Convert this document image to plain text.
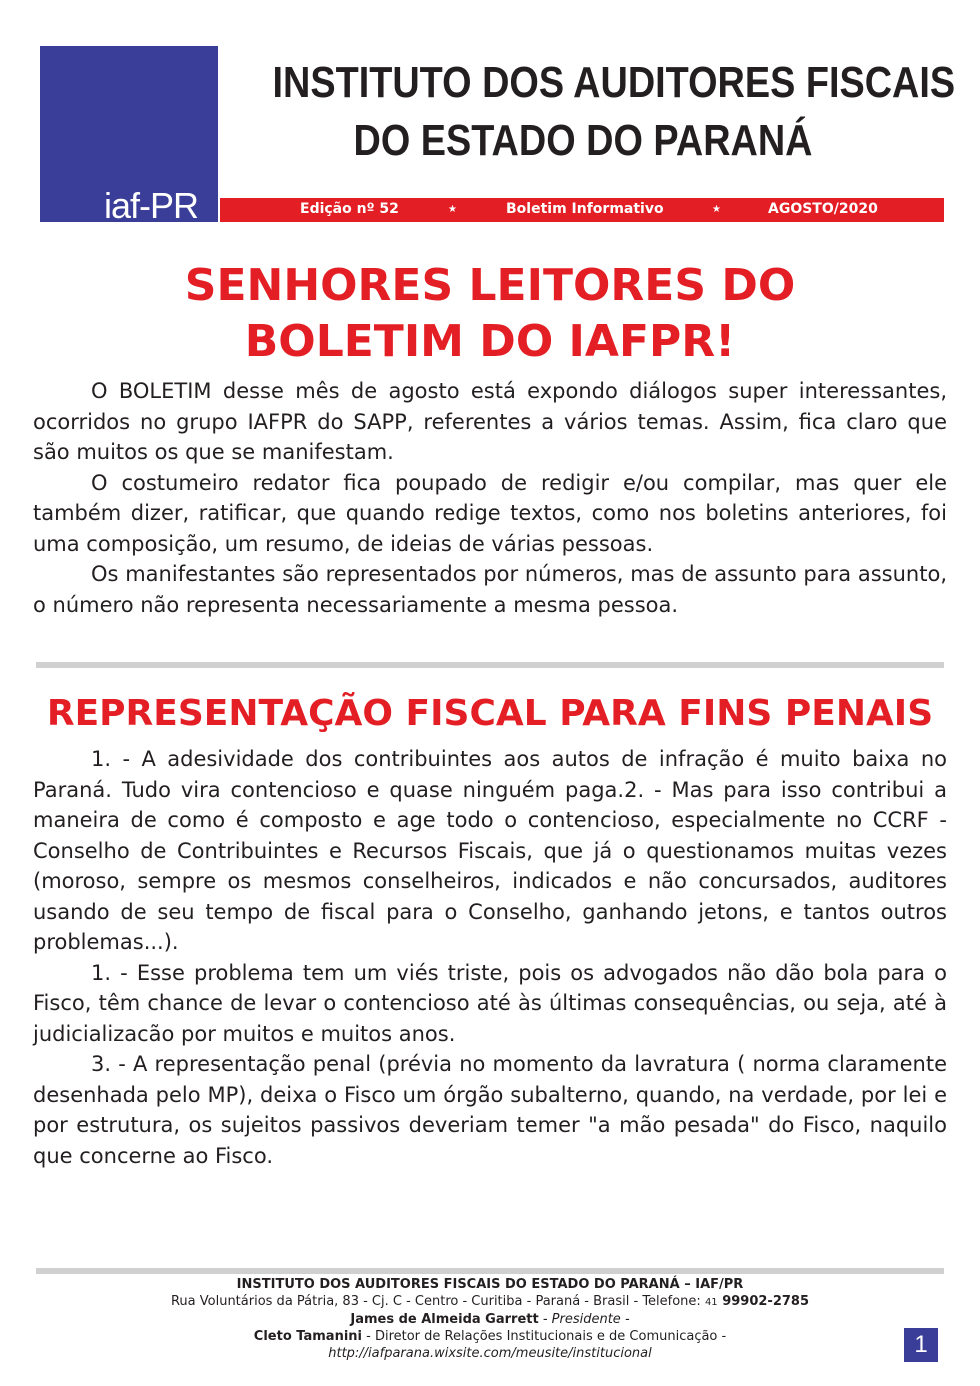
iaf-PR
INSTITUTO DOS AUDITORES FISCAIS
DO ESTADO DO PARANÁ
Edição nº 52	★	Boletim Informativo	★	AGOSTO/2020
SENHORES LEITORES DO
BOLETIM DO IAFPR!

O BOLETIM desse mês de agosto está expondo diálogos super interessantes, ocorridos no grupo IAFPR do SAPP, referentes a vários temas. Assim, fica claro que são muitos os que se manifestam.

O costumeiro redator fica poupado de redigir e/ou compilar, mas quer ele também dizer, ratificar, que quando redige textos, como nos boletins anteriores, foi uma composição, um resumo, de ideias de várias pessoas.

Os manifestantes são representados por números, mas de assunto para assunto, o número não representa necessariamente a mesma pessoa.

REPRESENTAÇÃO FISCAL PARA FINS PENAIS

1. - A adesividade dos contribuintes aos autos de infração é muito baixa no Paraná. Tudo vira contencioso e quase ninguém paga.2. - Mas para isso contribui a maneira de como é composto e age todo o contencioso, especialmente no CCRF - Conselho de Contribuintes e Recursos Fiscais, que já o questionamos muitas vezes (moroso, sempre os mesmos conselheiros, indicados e não concursados, auditores usando de seu tempo de fiscal para o Conselho, ganhando jetons, e tantos outros problemas...).

1. - Esse problema tem um viés triste, pois os advogados não dão bola para o Fisco, têm chance de levar o contencioso até às últimas consequências, ou seja, até à judicializacão por muitos e muitos anos.

3. - A representação penal (prévia no momento da lavratura ( norma claramente desenhada pelo MP), deixa o Fisco um órgão subalterno, quando, na verdade, por lei e por estrutura, os sujeitos passivos deveriam temer "a mão pesada" do Fisco, naquilo que concerne ao Fisco.

INSTITUTO DOS AUDITORES FISCAIS DO ESTADO DO PARANÁ – IAF/PR
Rua Voluntários da Pátria, 83 - Cj. C - Centro - Curitiba - Paraná - Brasil - Telefone: 41 99902-2785
James de Almeida Garrett - Presidente -
Cleto Tamanini - Diretor de Relações Institucionais e de Comunicação -
http://iafparana.wixsite.com/meusite/institucional	1
